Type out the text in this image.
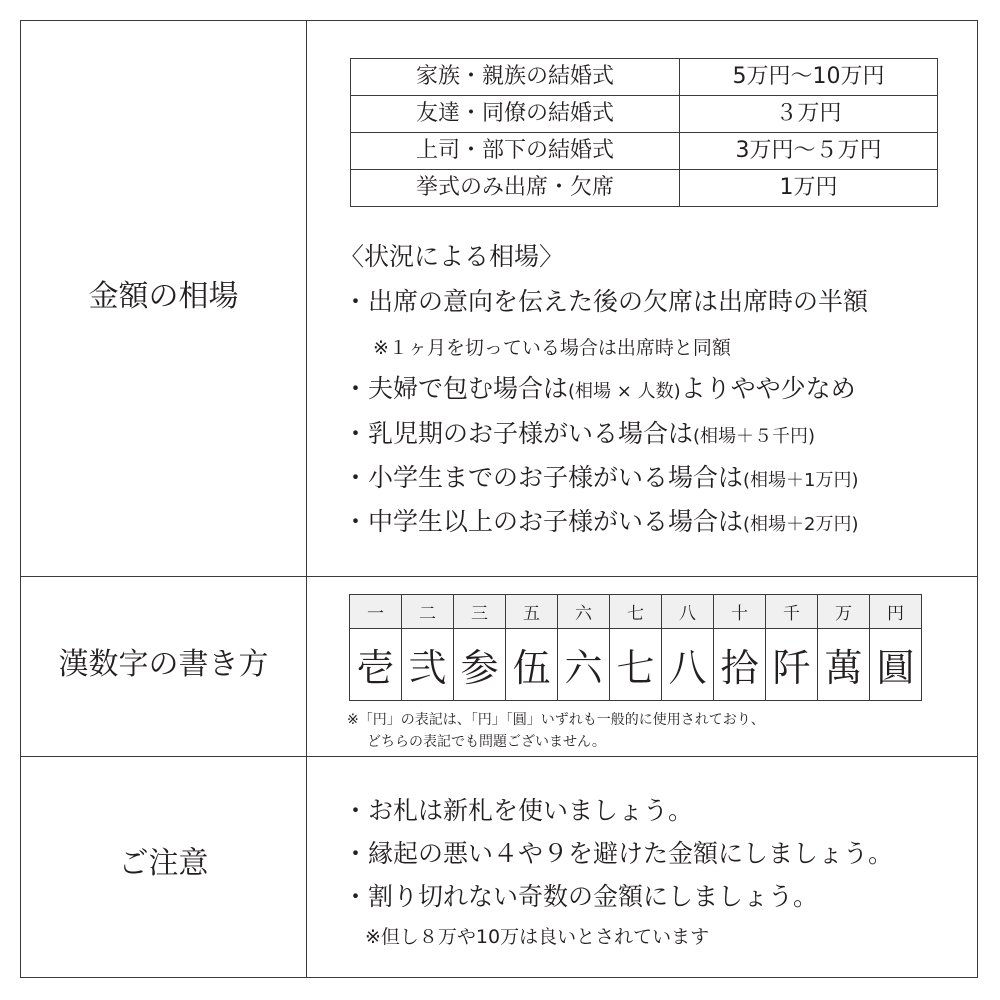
金額の相場
漢数字の書き方
ご注意
家族・親族の結婚式	5万円～10万円
友達・同僚の結婚式	３万円
上司・部下の結婚式	3万円～５万円
挙式のみ出席・欠席	1万円
〈状況による相場〉
・出席の意向を伝えた後の欠席は出席時の半額
※１ヶ月を切っている場合は出席時と同額
・夫婦で包む場合は(相場 × 人数)よりやや少なめ
・乳児期のお子様がいる場合は(相場＋５千円)
・小学生までのお子様がいる場合は(相場＋1万円)
・中学生以上のお子様がいる場合は(相場＋2万円)
一	二	三	五	六	七	八	十	千	万	円
壱	弐	参	伍	六	七	八	拾	阡	萬	圓
※「円」の表記は、「円」「圓」いずれも一般的に使用されており、
どちらの表記でも問題ございません。
・お札は新札を使いましょう。
・縁起の悪い４や９を避けた金額にしましょう。
・割り切れない奇数の金額にしましょう。
※但し８万や10万は良いとされています
